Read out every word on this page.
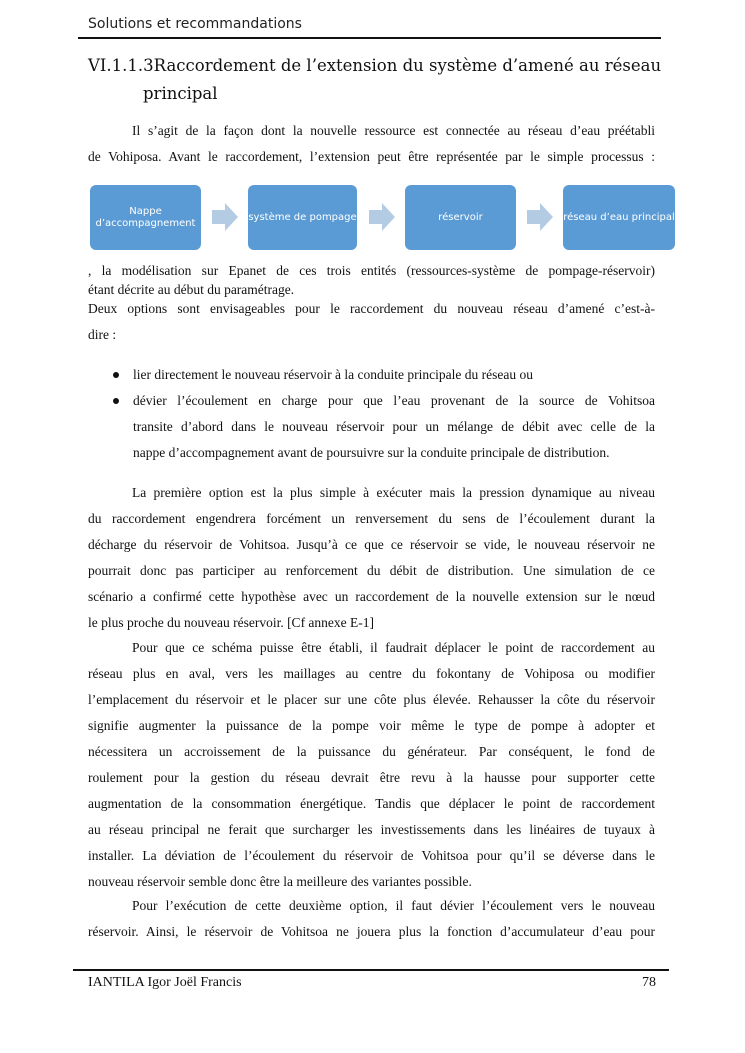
Solutions et recommandations
VI.1.1.3 Raccordement de l’extension du système d’amené au réseau
principal
Il s’agit de la façon dont la nouvelle ressource est connectée au réseau d’eau préétabli
de Vohiposa. Avant le raccordement, l’extension peut être représentée par le simple processus :
Nappe d’accompagnement
système de pompage	réservoir	réseau d’eau principal
, la modélisation sur Epanet de ces trois entités (ressources-système de pompage-réservoir)
étant décrite au début du paramétrage.
Deux options sont envisageables pour le raccordement du nouveau réseau d’amené c’est-à-
dire :
lier directement le nouveau réservoir à la conduite principale du réseau ou
dévier l’écoulement en charge pour que l’eau provenant de la source de Vohitsoa
transite d’abord dans le nouveau réservoir pour un mélange de débit avec celle de la
nappe d’accompagnement avant de poursuivre sur la conduite principale de distribution.
La première option est la plus simple à exécuter mais la pression dynamique au niveau
du raccordement engendrera forcément un renversement du sens de l’écoulement durant la
décharge du réservoir de Vohitsoa. Jusqu’à ce que ce réservoir se vide, le nouveau réservoir ne
pourrait donc pas participer au renforcement du débit de distribution. Une simulation de ce
scénario a confirmé cette hypothèse avec un raccordement de la nouvelle extension sur le nœud
le plus proche du nouveau réservoir. [Cf annexe E-1]
Pour que ce schéma puisse être établi, il faudrait déplacer le point de raccordement au
réseau plus en aval, vers les maillages au centre du fokontany de Vohiposa ou modifier
l’emplacement du réservoir et le placer sur une côte plus élevée. Rehausser la côte du réservoir
signifie augmenter la puissance de la pompe voir même le type de pompe à adopter et
nécessitera un accroissement de la puissance du générateur. Par conséquent, le fond de
roulement pour la gestion du réseau devrait être revu à la hausse pour supporter cette
augmentation de la consommation énergétique. Tandis que déplacer le point de raccordement
au réseau principal ne ferait que surcharger les investissements dans les linéaires de tuyaux à
installer. La déviation de l’écoulement du réservoir de Vohitsoa pour qu’il se déverse dans le
nouveau réservoir semble donc être la meilleure des variantes possible.
Pour l’exécution de cette deuxième option, il faut dévier l’écoulement vers le nouveau
réservoir. Ainsi, le réservoir de Vohitsoa ne jouera plus la fonction d’accumulateur d’eau pour
IANTILA Igor Joël Francis	78
